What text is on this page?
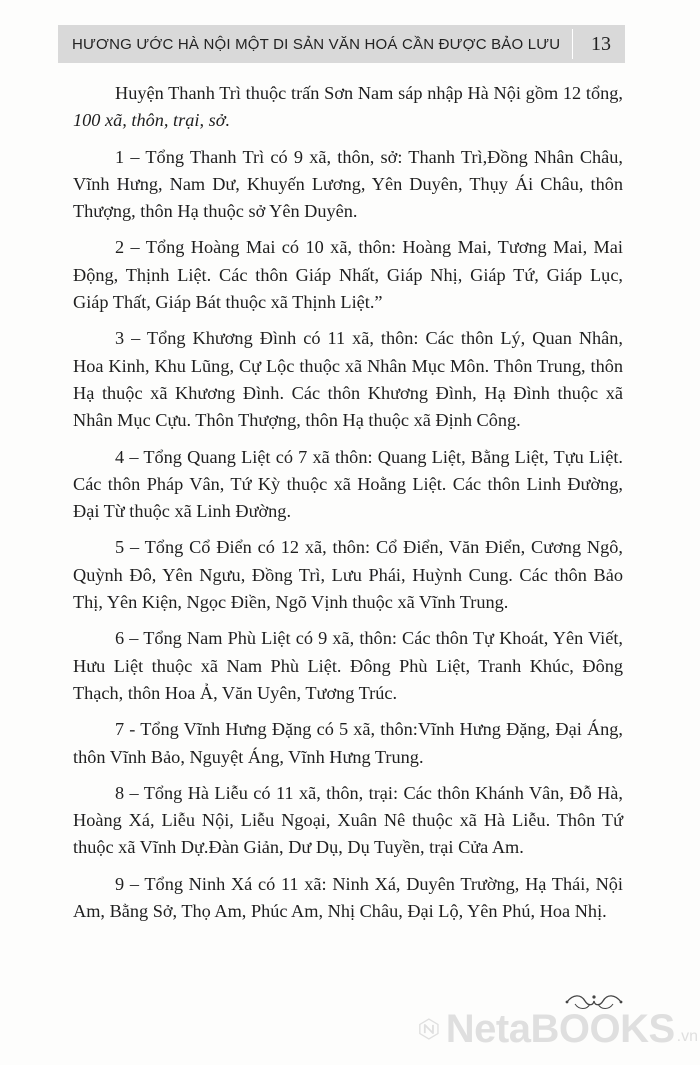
HƯƠNG ƯỚC HÀ NỘI MỘT DI SẢN VĂN HOÁ CẦN ĐƯỢC BẢO LƯU 13

Huyện Thanh Trì thuộc trấn Sơn Nam sáp nhập Hà Nội gồm 12 tổng, 100 xã, thôn, trại, sở.

1 – Tổng Thanh Trì có 9 xã, thôn, sở: Thanh Trì,Đồng Nhân Châu, Vĩnh Hưng, Nam Dư, Khuyến Lương, Yên Duyên, Thụy Ái Châu, thôn Thượng, thôn Hạ thuộc sở Yên Duyên.

2 – Tổng Hoàng Mai có 10 xã, thôn: Hoàng Mai, Tương Mai, Mai Động, Thịnh Liệt. Các thôn Giáp Nhất, Giáp Nhị, Giáp Tứ, Giáp Lục, Giáp Thất, Giáp Bát thuộc xã Thịnh Liệt.”

3 – Tổng Khương Đình có 11 xã, thôn: Các thôn Lý, Quan Nhân, Hoa Kinh, Khu Lũng, Cự Lộc thuộc xã Nhân Mục Môn. Thôn Trung, thôn Hạ thuộc xã Khương Đình. Các thôn Khương Đình, Hạ Đình thuộc xã Nhân Mục Cựu. Thôn Thượng, thôn Hạ thuộc xã Định Công.

4 – Tổng Quang Liệt có 7 xã thôn: Quang Liệt, Bằng Liệt, Tựu Liệt. Các thôn Pháp Vân, Tứ Kỳ thuộc xã Hoằng Liệt. Các thôn Linh Đường, Đại Từ thuộc xã Linh Đường.

5 – Tổng Cổ Điển có 12 xã, thôn: Cổ Điển, Văn Điển, Cương Ngô, Quỳnh Đô, Yên Ngưu, Đồng Trì, Lưu Phái, Huỳnh Cung. Các thôn Bảo Thị, Yên Kiện, Ngọc Điền, Ngõ Vịnh thuộc xã Vĩnh Trung.

6 – Tổng Nam Phù Liệt có 9 xã, thôn: Các thôn Tự Khoát, Yên Viết, Hưu Liệt thuộc xã Nam Phù Liệt. Đông Phù Liệt, Tranh Khúc, Đông Thạch, thôn Hoa Ả, Văn Uyên, Tương Trúc.

7 - Tổng Vĩnh Hưng Đặng có 5 xã, thôn:Vĩnh Hưng Đặng, Đại Áng, thôn Vĩnh Bảo, Nguyệt Áng, Vĩnh Hưng Trung.

8 – Tổng Hà Liễu có 11 xã, thôn, trại: Các thôn Khánh Vân, Đỗ Hà, Hoàng Xá, Liễu Nội, Liễu Ngoại, Xuân Nê thuộc xã Hà Liễu. Thôn Tứ thuộc xã Vĩnh Dự.Đàn Giản, Dư Dụ, Dụ Tuyền, trại Cửa Am.

9 – Tổng Ninh Xá có 11 xã: Ninh Xá, Duyên Trường, Hạ Thái, Nội Am, Bằng Sở, Thọ Am, Phúc Am, Nhị Châu, Đại Lộ, Yên Phú, Hoa Nhị.

NetaBOOKS .vn
